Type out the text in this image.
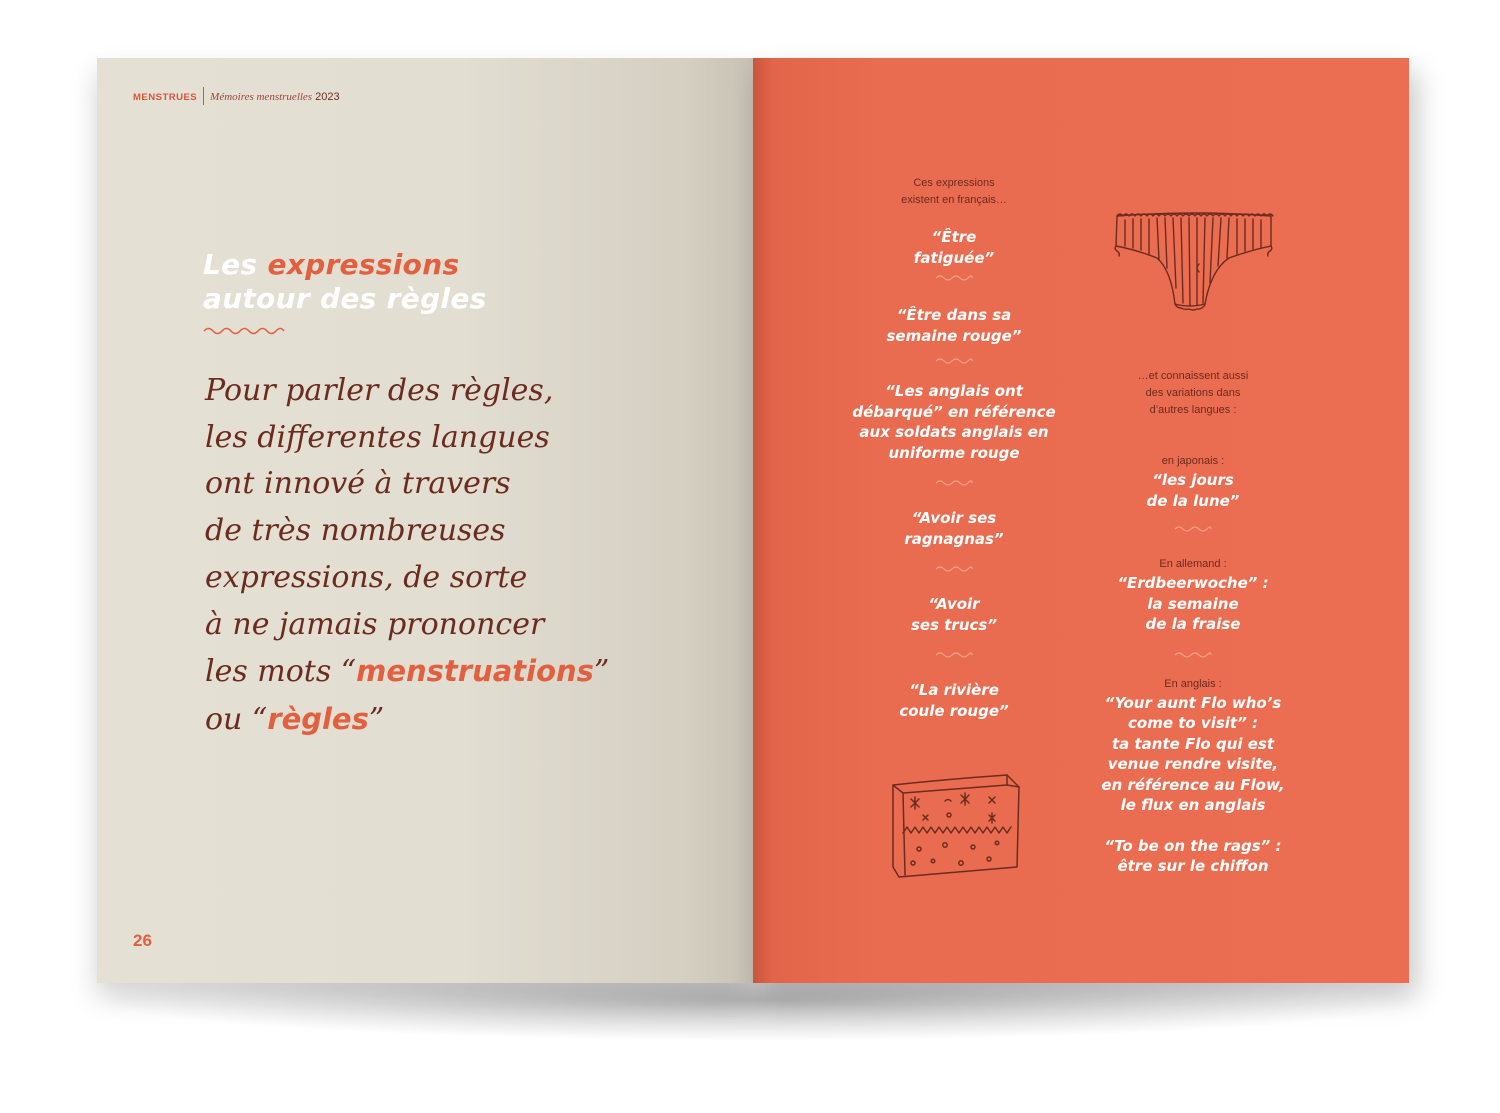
MENSTRUES Mémoires menstruelles 2023
Les expressions
autour des règles

Pour parler des règles,
les differentes langues
ont innové à travers
de très nombreuses
expressions, de sorte
à ne jamais prononcer
les mots “menstruations”
ou “règles”

26

Ces expressions
existent en français…

“Être
fatiguée”

“Être dans sa
semaine rouge”

“Les anglais ont
débarqué” en référence
aux soldats anglais en
uniforme rouge

“Avoir ses
ragnagnas”

“Avoir
ses trucs”

“La rivière
coule rouge”

…et connaissent aussi
des variations dans
d’autres langues :

en japonais :

“les jours
de la lune”

En allemand :

“Erdbeerwoche” :
la semaine
de la fraise

En anglais :

“Your aunt Flo who’s
come to visit” :
ta tante Flo qui est
venue rendre visite,
en référence au Flow,
le flux en anglais

“To be on the rags” :
être sur le chiffon
